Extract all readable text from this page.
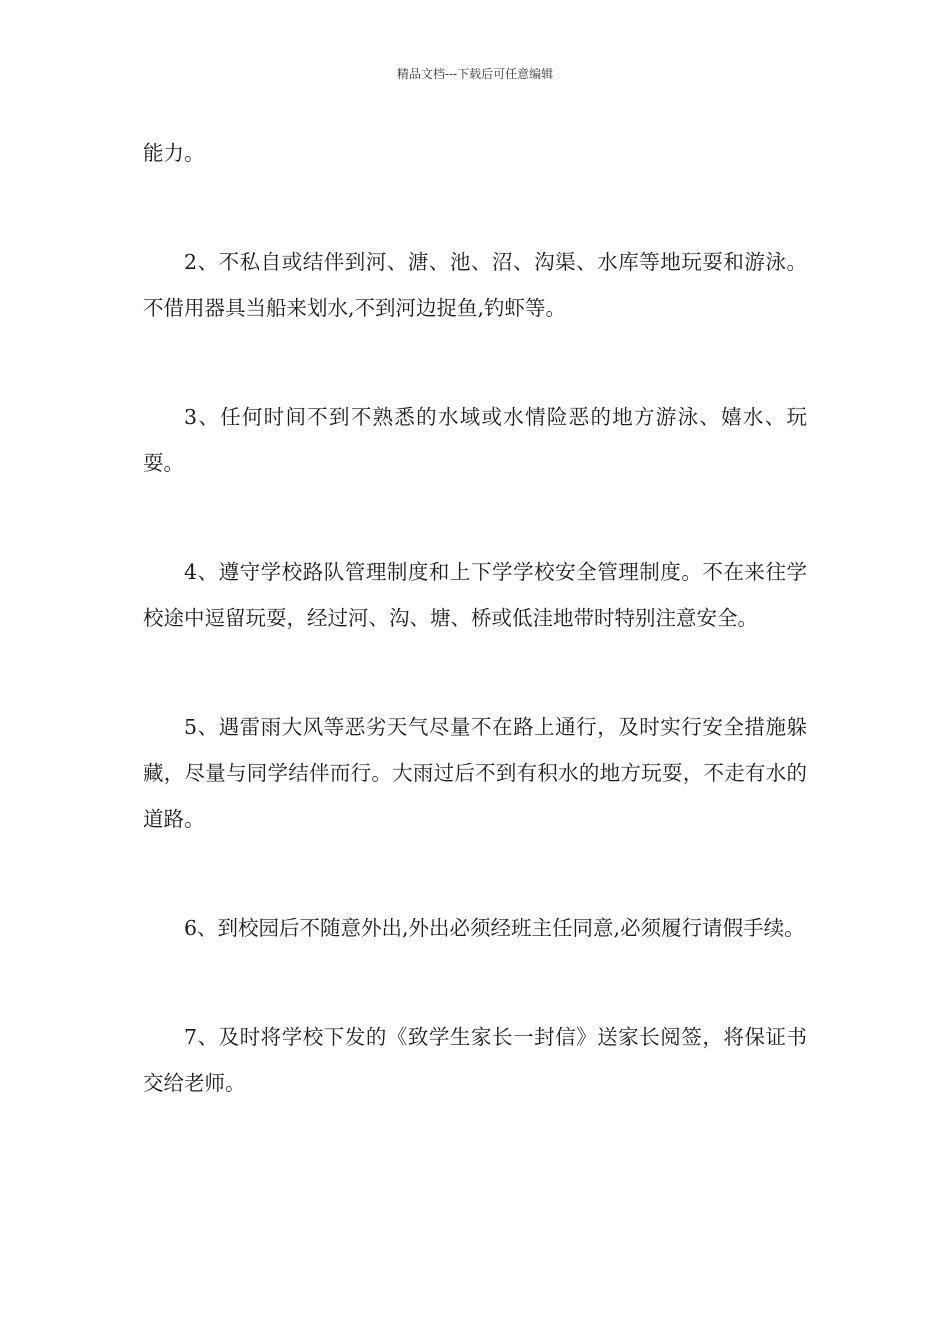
精品文档---下载后可任意编辑

能力。

2、不私自或结伴到河、溏、池、沼、沟渠、水库等地玩耍和游泳。不借用器具当船来划水,不到河边捉鱼,钓虾等。

3、任何时间不到不熟悉的水域或水情险恶的地方游泳、嬉水、玩耍。

4、遵守学校路队管理制度和上下学学校安全管理制度。不在来往学校途中逗留玩耍，经过河、沟、塘、桥或低洼地带时特别注意安全。

5、遇雷雨大风等恶劣天气尽量不在路上通行，及时实行安全措施躲藏，尽量与同学结伴而行。大雨过后不到有积水的地方玩耍，不走有水的道路。

6、到校园后不随意外出,外出必须经班主任同意,必须履行请假手续。

7、及时将学校下发的《致学生家长一封信》送家长阅签，将保证书交给老师。
